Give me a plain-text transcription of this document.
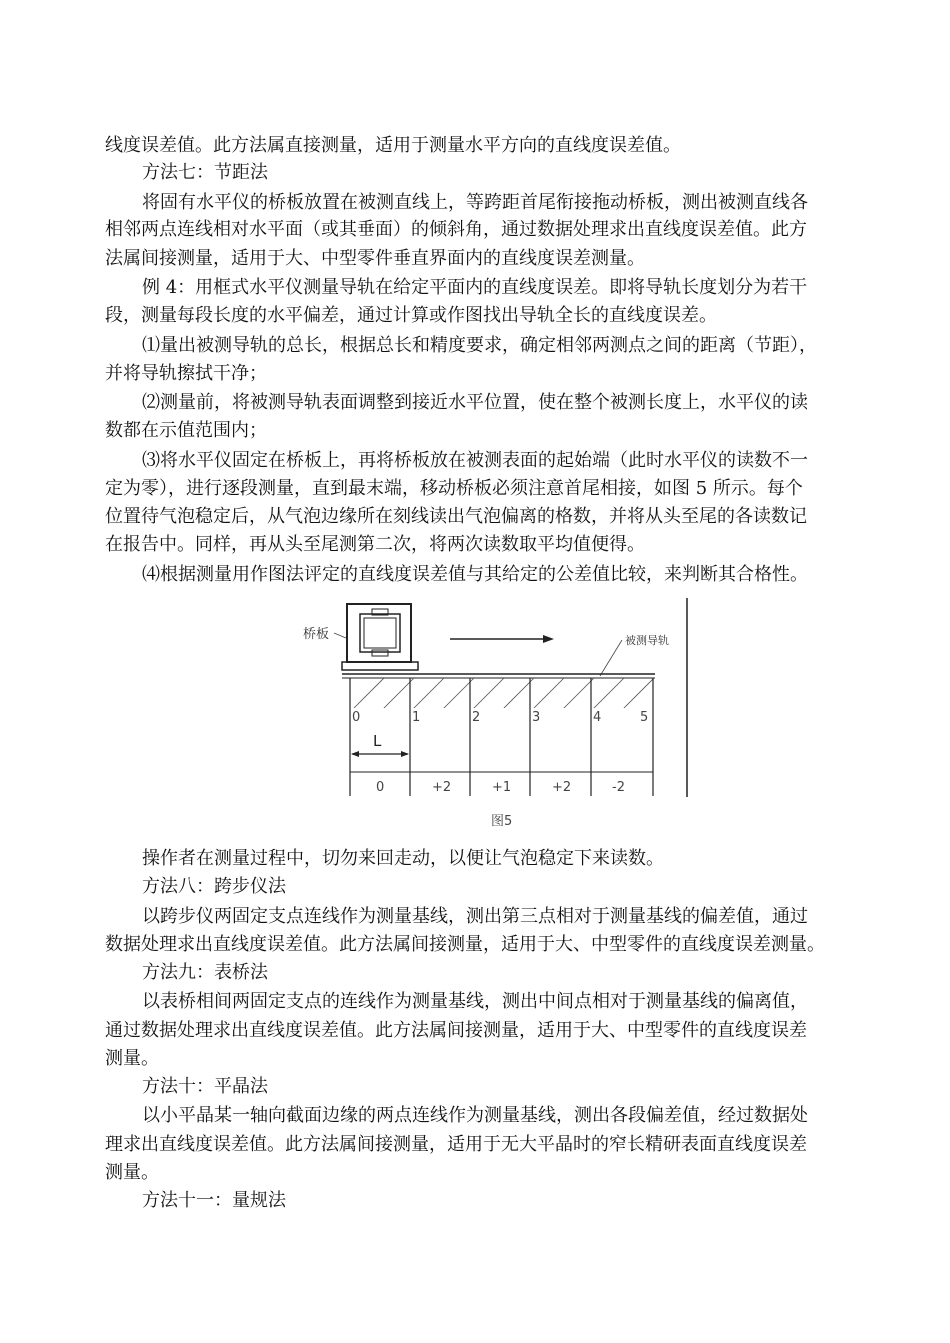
线度误差值。此方法属直接测量，适用于测量水平方向的直线度误差值。
方法七：节距法
将固有水平仪的桥板放置在被测直线上，等跨距首尾衔接拖动桥板，测出被测直线各
相邻两点连线相对水平面（或其垂面）的倾斜角，通过数据处理求出直线度误差值。此方
法属间接测量，适用于大、中型零件垂直界面内的直线度误差测量。
例 4：用框式水平仪测量导轨在给定平面内的直线度误差。即将导轨长度划分为若干
段，测量每段长度的水平偏差，通过计算或作图找出导轨全长的直线度误差。
⑴量出被测导轨的总长，根据总长和精度要求，确定相邻两测点之间的距离（节距），
并将导轨擦拭干净；
⑵测量前，将被测导轨表面调整到接近水平位置，使在整个被测长度上，水平仪的读
数都在示值范围内；
⑶将水平仪固定在桥板上，再将桥板放在被测表面的起始端（此时水平仪的读数不一
定为零），进行逐段测量，直到最末端，移动桥板必须注意首尾相接，如图 5 所示。每个
位置待气泡稳定后，从气泡边缘所在刻线读出气泡偏离的格数，并将从头至尾的各读数记
在报告中。同样，再从头至尾测第二次，将两次读数取平均值便得。
⑷根据测量用作图法评定的直线度误差值与其给定的公差值比较，来判断其合格性。
桥板	被测导轨
0	1	2	3	4	5
L
0	+2	+1	+2	-2
图5
操作者在测量过程中，切勿来回走动，以便让气泡稳定下来读数。
方法八：跨步仪法
以跨步仪两固定支点连线作为测量基线，测出第三点相对于测量基线的偏差值，通过
数据处理求出直线度误差值。此方法属间接测量，适用于大、中型零件的直线度误差测量。
方法九：表桥法
以表桥相间两固定支点的连线作为测量基线，测出中间点相对于测量基线的偏离值，
通过数据处理求出直线度误差值。此方法属间接测量，适用于大、中型零件的直线度误差
测量。
方法十：平晶法
以小平晶某一轴向截面边缘的两点连线作为测量基线，测出各段偏差值，经过数据处
理求出直线度误差值。此方法属间接测量，适用于无大平晶时的窄长精研表面直线度误差
测量。
方法十一：量规法
